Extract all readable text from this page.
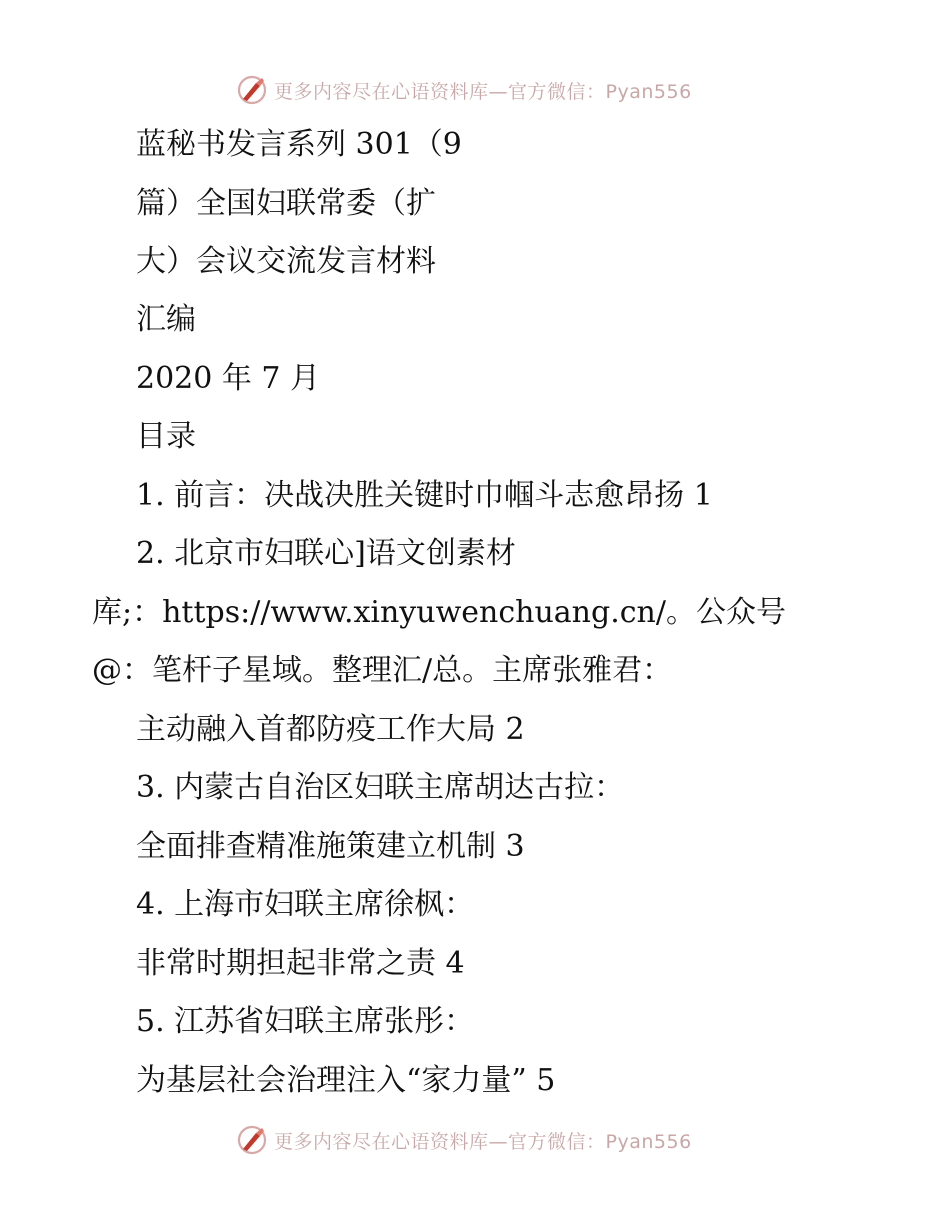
更多内容尽在心语资料库—官方微信：Pyan556
蓝秘书发言系列 301（9
篇）全国妇联常委（扩
大）会议交流发言材料
汇编
2020 年 7 月
目录
1. 前言：决战决胜关键时巾帼斗志愈昂扬 1
2. 北京市妇联心]语文创素材
库;：https://www.xinyuwenchuang.cn/。公众号
@：笔杆子星域。整理汇/总。主席张雅君：
主动融入首都防疫工作大局 2
3. 内蒙古自治区妇联主席胡达古拉：
全面排查精准施策建立机制 3
4. 上海市妇联主席徐枫：
非常时期担起非常之责 4
5. 江苏省妇联主席张彤：
为基层社会治理注入“家力量” 5
更多内容尽在心语资料库—官方微信：Pyan556
